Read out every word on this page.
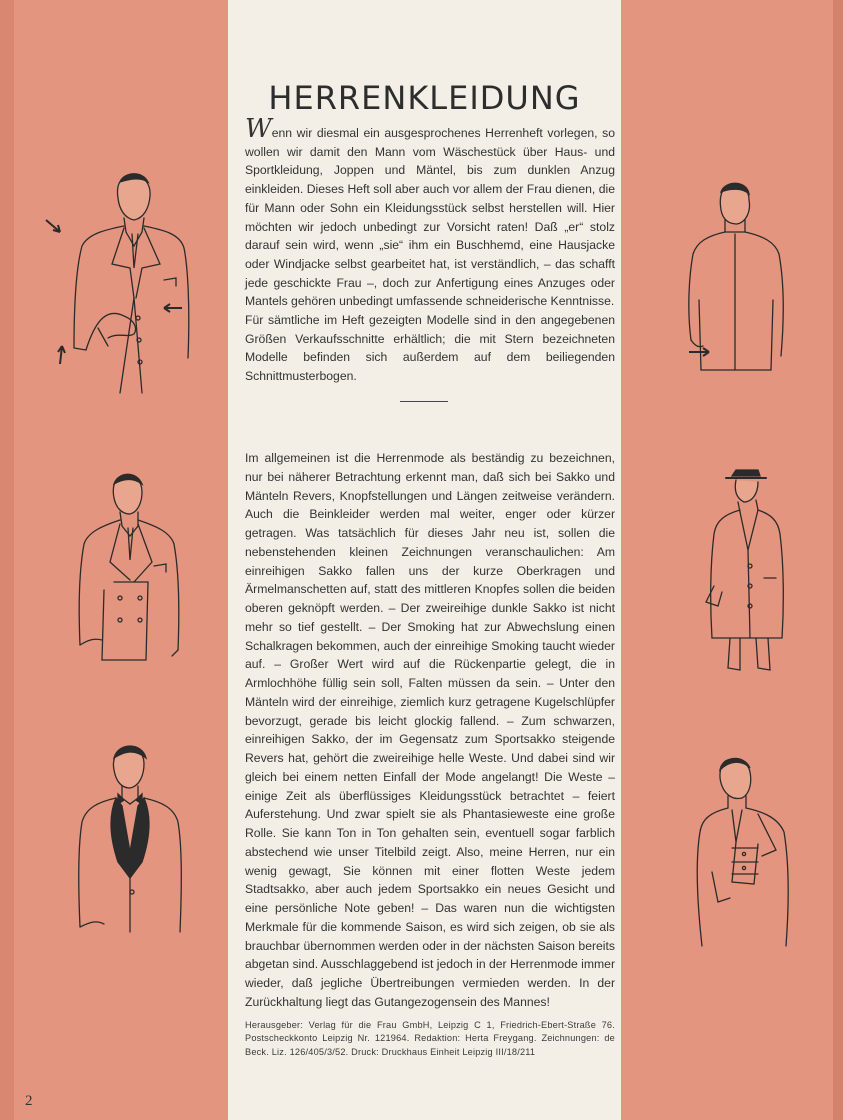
HERRENKLEIDUNG
Wenn wir diesmal ein ausgesprochenes Herrenheft vorlegen, so wollen wir damit den Mann vom Wäschestück über Haus- und Sportkleidung, Joppen und Mäntel, bis zum dunklen Anzug einkleiden. Dieses Heft soll aber auch vor allem der Frau dienen, die für Mann oder Sohn ein Kleidungsstück selbst herstellen will. Hier möchten wir jedoch unbedingt zur Vorsicht raten! Daß „er“ stolz darauf sein wird, wenn „sie“ ihm ein Buschhemd, eine Hausjacke oder Windjacke selbst gearbeitet hat, ist verständlich, – das schafft jede geschickte Frau –, doch zur Anfertigung eines Anzuges oder Mantels gehören unbedingt umfassende schneiderische Kenntnisse.
Für sämtliche im Heft gezeigten Modelle sind in den angegebenen Größen Verkaufsschnitte erhältlich; die mit Stern bezeichneten Modelle befinden sich außerdem auf dem beiliegenden Schnittmusterbogen.
Im allgemeinen ist die Herrenmode als beständig zu bezeichnen, nur bei näherer Betrachtung erkennt man, daß sich bei Sakko und Mänteln Revers, Knopfstellungen und Längen zeitweise verändern. Auch die Beinkleider werden mal weiter, enger oder kürzer getragen. Was tatsächlich für dieses Jahr neu ist, sollen die nebenstehenden kleinen Zeichnungen veranschaulichen: Am einreihigen Sakko fallen uns der kurze Oberkragen und Ärmelmanschetten auf, statt des mittleren Knopfes sollen die beiden oberen geknöpft werden. – Der zweireihige dunkle Sakko ist nicht mehr so tief gestellt. – Der Smoking hat zur Abwechslung einen Schalkragen bekommen, auch der einreihige Smoking taucht wieder auf. – Großer Wert wird auf die Rückenpartie gelegt, die in Armlochhöhe füllig sein soll, Falten müssen da sein. – Unter den Mänteln wird der einreihige, ziemlich kurz getragene Kugelschlüpfer bevorzugt, gerade bis leicht glockig fallend. – Zum schwarzen, einreihigen Sakko, der im Gegensatz zum Sportsakko steigende Revers hat, gehört die zweireihige helle Weste. Und dabei sind wir gleich bei einem netten Einfall der Mode angelangt! Die Weste – einige Zeit als überflüssiges Kleidungsstück betrachtet – feiert Auferstehung. Und zwar spielt sie als Phantasieweste eine große Rolle. Sie kann Ton in Ton gehalten sein, eventuell sogar farblich abstechend wie unser Titelbild zeigt. Also, meine Herren, nur ein wenig gewagt, Sie können mit einer flotten Weste jedem Stadtsakko, aber auch jedem Sportsakko ein neues Gesicht und eine persönliche Note geben! – Das waren nun die wichtigsten Merkmale für die kommende Saison, es wird sich zeigen, ob sie als brauchbar übernommen werden oder in der nächsten Saison bereits abgetan sind. Ausschlaggebend ist jedoch in der Herrenmode immer wieder, daß jegliche Übertreibungen vermieden werden. In der Zurückhaltung liegt das Gutangezogensein des Mannes!
Herausgeber: Verlag für die Frau GmbH, Leipzig C 1, Friedrich-Ebert-Straße 76. Postscheckkonto Leipzig Nr. 121964. Redaktion: Herta Freygang. Zeichnungen: de Beck. Liz. 126/405/3/52. Druck: Druckhaus Einheit Leipzig III/18/211
2
